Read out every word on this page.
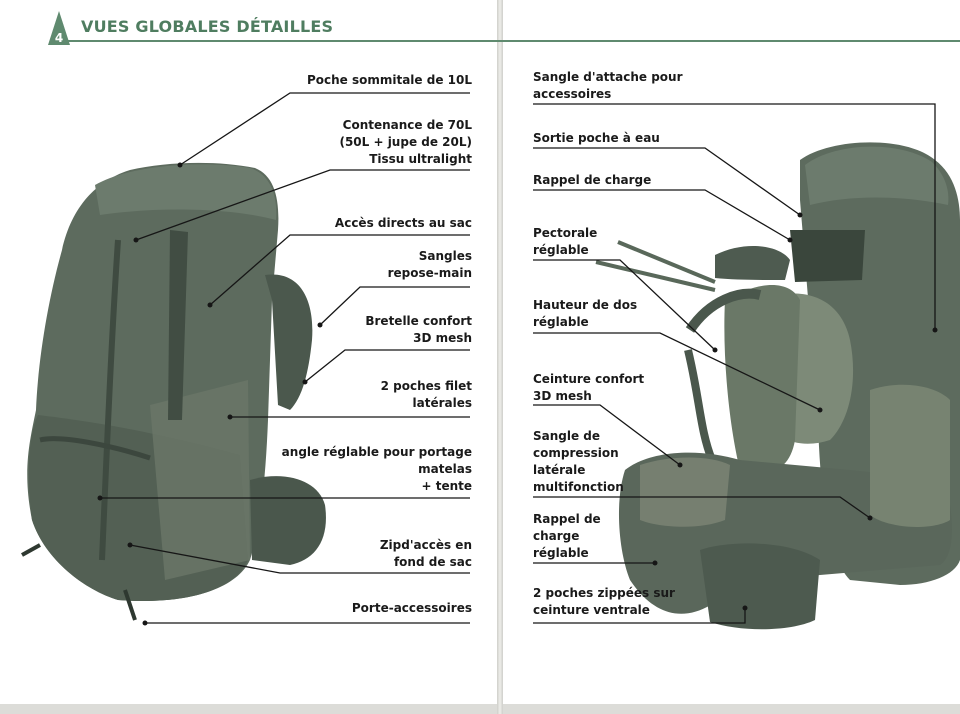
4
VUES GLOBALES DÉTAILLES
Poche sommitale de 10L
Contenance de 70L
(50L + jupe de 20L)
Tissu ultralight
Accès directs au sac
Sangles
repose-main
Bretelle confort
3D mesh
2 poches filet
latérales
angle réglable pour portage
matelas
+ tente
Zipd'accès en
fond de sac
Porte-accessoires
Sangle d'attache pour
accessoires
Sortie poche à eau
Rappel de charge
Pectorale
réglable
Hauteur de dos
réglable
Ceinture confort
3D mesh
Sangle de
compression
latérale
multifonction
Rappel de
charge
réglable
2 poches zippées sur
ceinture ventrale
